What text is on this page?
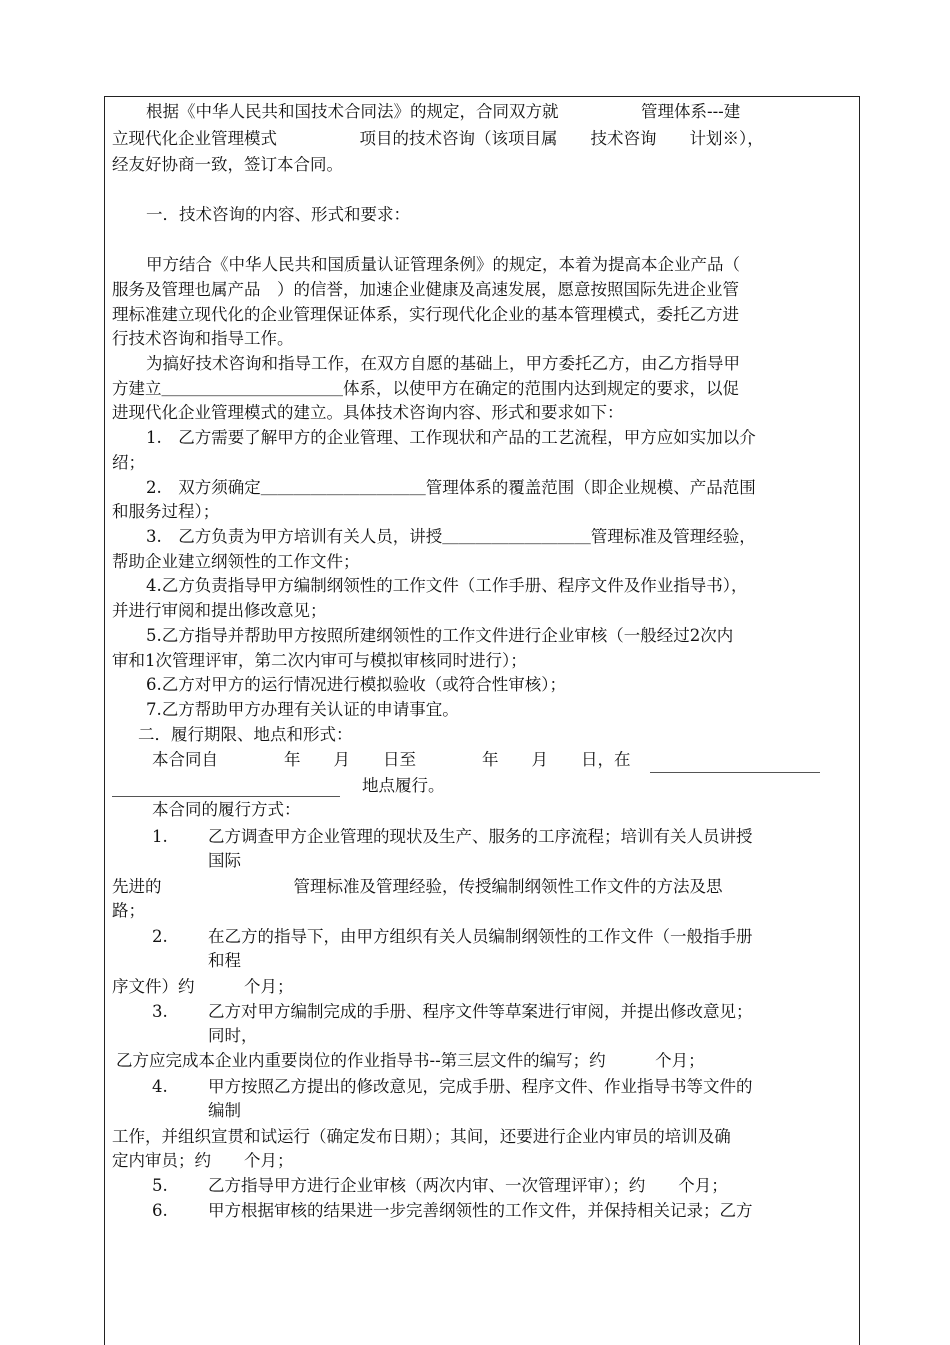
根据《中华人民共和国技术合同法》的规定，合同双方就　　　　　管理体系---建
立现代化企业管理模式　　　　　项目的技术咨询（该项目属　　技术咨询　　计划※），
经友好协商一致，签订本合同。
一．技术咨询的内容、形式和要求：
甲方结合《中华人民共和国质量认证管理条例》的规定，本着为提高本企业产品（
服务及管理也属产品　）的信誉，加速企业健康及高速发展，愿意按照国际先进企业管
理标准建立现代化的企业管理保证体系，实行现代化企业的基本管理模式，委托乙方进
行技术咨询和指导工作。
为搞好技术咨询和指导工作，在双方自愿的基础上，甲方委托乙方，由乙方指导甲
方建立＿＿＿＿＿＿＿＿＿＿＿体系，以使甲方在确定的范围内达到规定的要求，以促
进现代化企业管理模式的建立。具体技术咨询内容、形式和要求如下：
1.　乙方需要了解甲方的企业管理、工作现状和产品的工艺流程，甲方应如实加以介
绍；
2.　双方须确定＿＿＿＿＿＿＿＿＿＿管理体系的覆盖范围（即企业规模、产品范围
和服务过程）；
3.　乙方负责为甲方培训有关人员，讲授＿＿＿＿＿＿＿＿＿管理标准及管理经验，
帮助企业建立纲领性的工作文件；
4.乙方负责指导甲方编制纲领性的工作文件（工作手册、程序文件及作业指导书），
并进行审阅和提出修改意见；
5.乙方指导并帮助甲方按照所建纲领性的工作文件进行企业审核（一般经过2次内
审和1次管理评审，第二次内审可与模拟审核同时进行）；
6.乙方对甲方的运行情况进行模拟验收（或符合性审核）；
7.乙方帮助甲方办理有关认证的申请事宜。
二．履行期限、地点和形式：
本合同自　　　　年　　月　　日至　　　　年　　月　　日，在
地点履行。
本合同的履行方式：
1. 乙方调查甲方企业管理的现状及生产、服务的工序流程；培训有关人员讲授
国际
先进的　　　　　　　　管理标准及管理经验，传授编制纲领性工作文件的方法及思
路；
2. 在乙方的指导下，由甲方组织有关人员编制纲领性的工作文件（一般指手册
和程
序文件）约　　　个月；
3. 乙方对甲方编制完成的手册、程序文件等草案进行审阅，并提出修改意见；
同时，
乙方应完成本企业内重要岗位的作业指导书--第三层文件的编写；约　　　个月；
4. 甲方按照乙方提出的修改意见，完成手册、程序文件、作业指导书等文件的
编制
工作，并组织宣贯和试运行（确定发布日期）；其间，还要进行企业内审员的培训及确
定内审员；约　　个月；
5. 乙方指导甲方进行企业审核（两次内审、一次管理评审）；约　　个月；
6. 甲方根据审核的结果进一步完善纲领性的工作文件，并保持相关记录；乙方
